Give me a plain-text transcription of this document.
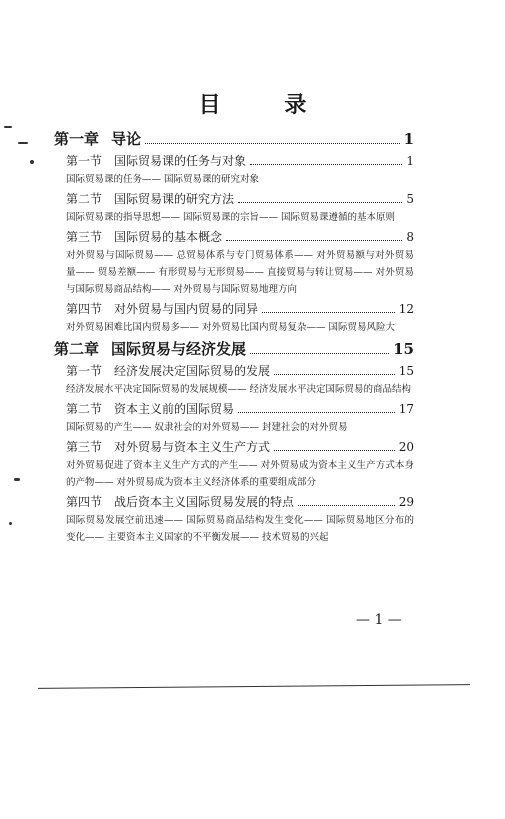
目 录
第一章 导论	1
第一节 国际贸易课的任务与对象	1
国际贸易课的任务—— 国际贸易课的研究对象
第二节 国际贸易课的研究方法	5
国际贸易课的指导思想—— 国际贸易课的宗旨—— 国际贸易课遵循的基本原则
第三节 国际贸易的基本概念	8
对外贸易与国际贸易—— 总贸易体系与专门贸易体系—— 对外贸易额与对外贸易量—— 贸易差额—— 有形贸易与无形贸易—— 直接贸易与转让贸易—— 对外贸易与国际贸易商品结构—— 对外贸易与国际贸易地理方向
第四节 对外贸易与国内贸易的同异	12
对外贸易困难比国内贸易多—— 对外贸易比国内贸易复杂—— 国际贸易风险大
第二章 国际贸易与经济发展	15
第一节 经济发展决定国际贸易的发展	15
经济发展水平决定国际贸易的发展规模—— 经济发展水平决定国际贸易的商品结构
第二节 资本主义前的国际贸易	17
国际贸易的产生—— 奴隶社会的对外贸易—— 封建社会的对外贸易
第三节 对外贸易与资本主义生产方式	20
对外贸易促进了资本主义生产方式的产生—— 对外贸易成为资本主义生产方式本身的产物—— 对外贸易成为资本主义经济体系的重要组成部分
第四节 战后资本主义国际贸易发展的特点	29
国际贸易发展空前迅速—— 国际贸易商品结构发生变化—— 国际贸易地区分布的变化—— 主要资本主义国家的不平衡发展—— 技术贸易的兴起
— 1 —
